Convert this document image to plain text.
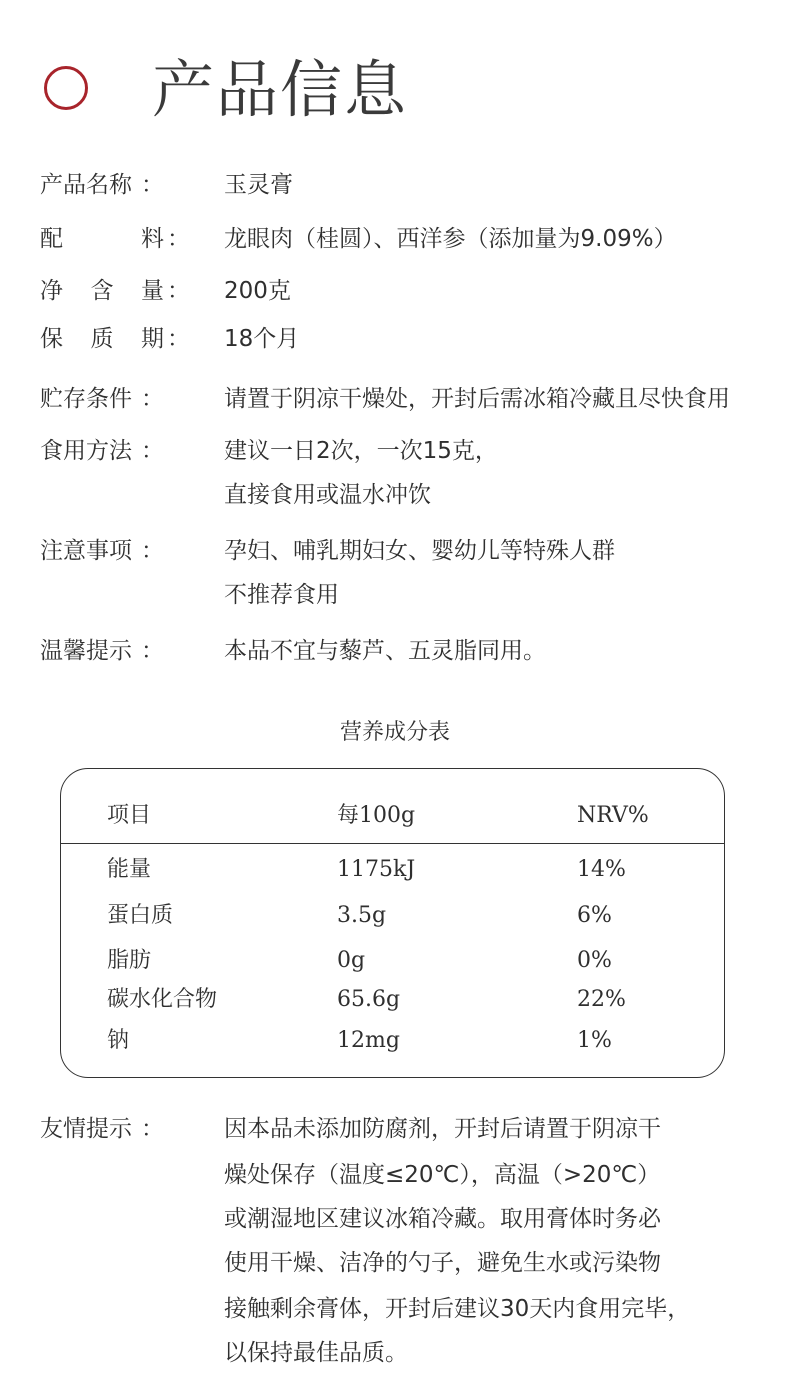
产品信息
产品名称 ：	玉灵膏
配	料 ： 龙眼肉（桂圆）、西洋参（添加量为9.09%）
净 含 量 ： 200克
保 质 期 ： 18个月
贮存条件 ：	请置于阴凉干燥处，开封后需冰箱冷藏且尽快食用
食用方法 ：	建议一日2次，一次15克，
直接食用或温水冲饮
注意事项 ：	孕妇、哺乳期妇女、婴幼儿等特殊人群
不推荐食用
温馨提示 ：	本品不宜与藜芦、五灵脂同用。
营养成分表
项目	每100g	NRV%
能量	1175kJ	14%
蛋白质	3.5g	6%
脂肪	0g	0%
碳水化合物	65.6g	22%
钠	12mg	1%
友情提示 ：	因本品未添加防腐剂，开封后请置于阴凉干
燥处保存（温度≤20℃），高温（>20℃）
或潮湿地区建议冰箱冷藏。取用膏体时务必
使用干燥、洁净的勺子，避免生水或污染物
接触剩余膏体，开封后建议30天内食用完毕，
以保持最佳品质。
